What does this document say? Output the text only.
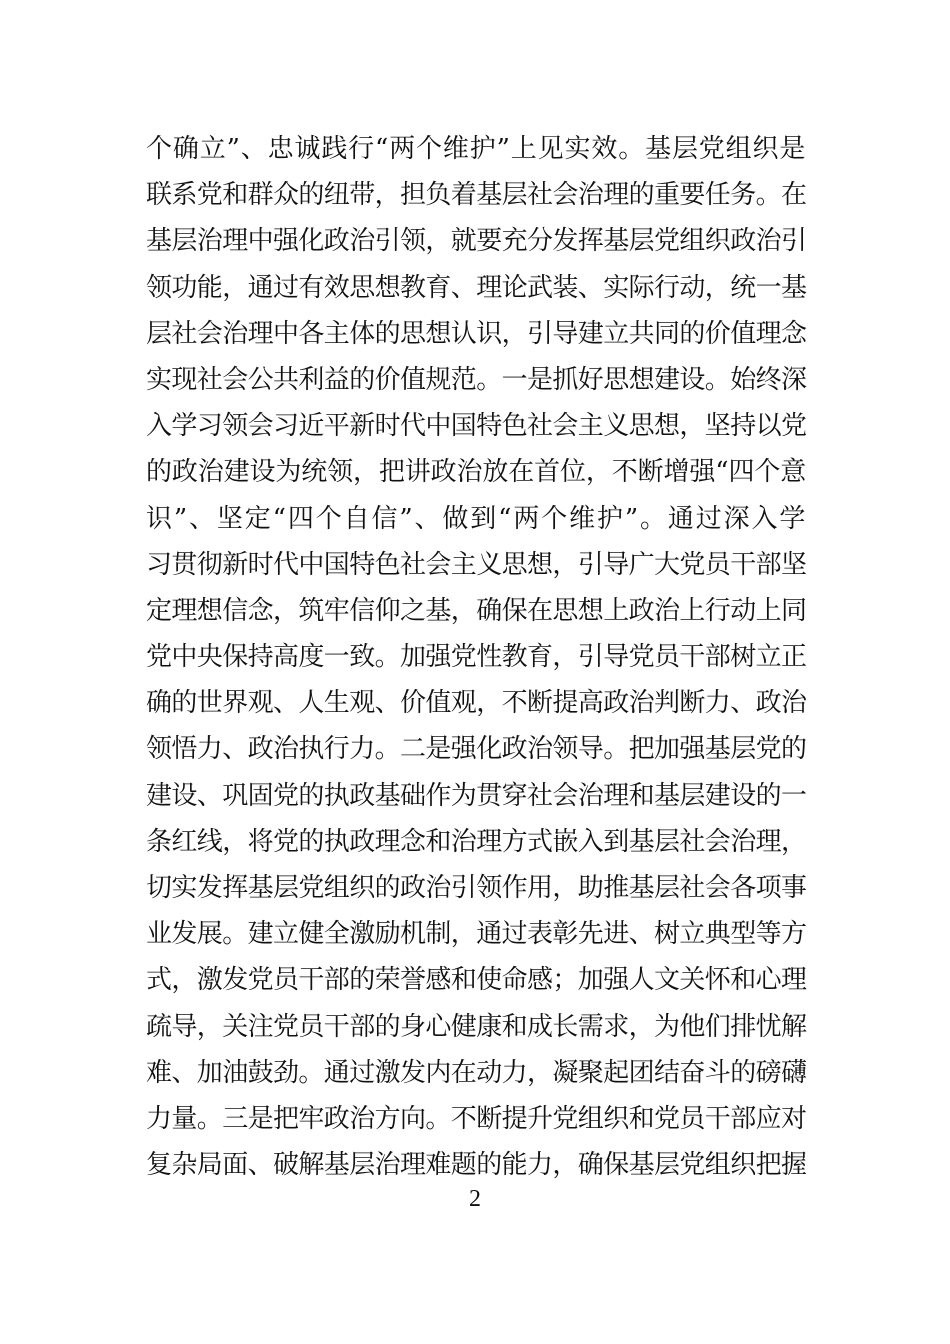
个确立”、忠诚践行“两个维护”上见实效。基层党组织是
联系党和群众的纽带，担负着基层社会治理的重要任务。在
基层治理中强化政治引领，就要充分发挥基层党组织政治引
领功能，通过有效思想教育、理论武装、实际行动，统一基
层社会治理中各主体的思想认识，引导建立共同的价值理念
实现社会公共利益的价值规范。一是抓好思想建设。始终深
入学习领会习近平新时代中国特色社会主义思想，坚持以党
的政治建设为统领，把讲政治放在首位，不断增强“四个意
识”、坚定“四个自信”、做到“两个维护”。通过深入学
习贯彻新时代中国特色社会主义思想，引导广大党员干部坚
定理想信念，筑牢信仰之基，确保在思想上政治上行动上同
党中央保持高度一致。加强党性教育，引导党员干部树立正
确的世界观、人生观、价值观，不断提高政治判断力、政治
领悟力、政治执行力。二是强化政治领导。把加强基层党的
建设、巩固党的执政基础作为贯穿社会治理和基层建设的一
条红线，将党的执政理念和治理方式嵌入到基层社会治理，
切实发挥基层党组织的政治引领作用，助推基层社会各项事
业发展。建立健全激励机制，通过表彰先进、树立典型等方
式，激发党员干部的荣誉感和使命感；加强人文关怀和心理
疏导，关注党员干部的身心健康和成长需求，为他们排忧解
难、加油鼓劲。通过激发内在动力，凝聚起团结奋斗的磅礴
力量。三是把牢政治方向。不断提升党组织和党员干部应对
复杂局面、破解基层治理难题的能力，确保基层党组织把握
2
